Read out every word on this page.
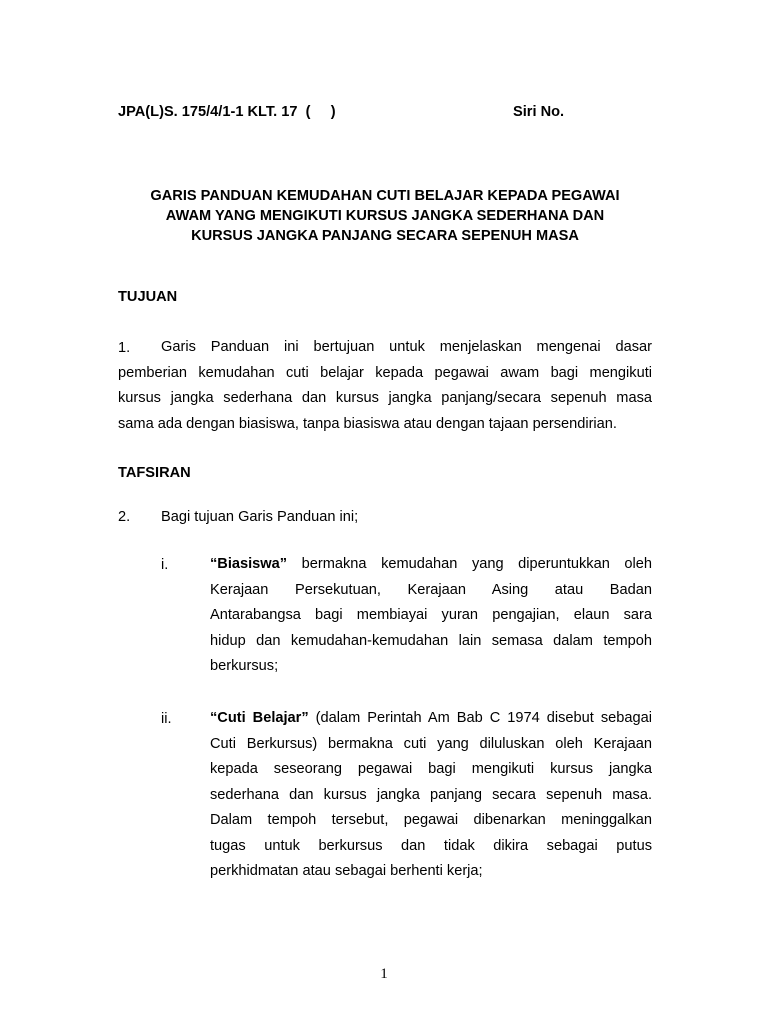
JPA(L)S. 175/4/1-1 KLT. 17  (     )	Siri No.
GARIS PANDUAN KEMUDAHAN CUTI BELAJAR KEPADA PEGAWAI
AWAM YANG MENGIKUTI KURSUS JANGKA SEDERHANA DAN
KURSUS JANGKA PANJANG SECARA SEPENUH MASA
TUJUAN
1.	Garis Panduan ini bertujuan untuk menjelaskan mengenai dasar
pemberian kemudahan cuti belajar kepada pegawai awam bagi mengikuti
kursus jangka sederhana dan kursus jangka panjang/secara sepenuh masa
sama ada dengan biasiswa, tanpa biasiswa atau dengan tajaan persendirian.
TAFSIRAN
2. Bagi tujuan Garis Panduan ini;
i.	“Biasiswa” bermakna kemudahan yang diperuntukkan oleh
Kerajaan Persekutuan, Kerajaan Asing atau Badan
Antarabangsa bagi membiayai yuran pengajian, elaun sara
hidup dan kemudahan-kemudahan lain semasa dalam tempoh
berkursus;
ii.	“Cuti Belajar” (dalam Perintah Am Bab C 1974 disebut sebagai
Cuti Berkursus) bermakna cuti yang diluluskan oleh Kerajaan
kepada seseorang pegawai bagi mengikuti kursus jangka
sederhana dan kursus jangka panjang secara sepenuh masa.
Dalam tempoh tersebut, pegawai dibenarkan meninggalkan
tugas untuk berkursus dan tidak dikira sebagai putus
perkhidmatan atau sebagai berhenti kerja;
1
